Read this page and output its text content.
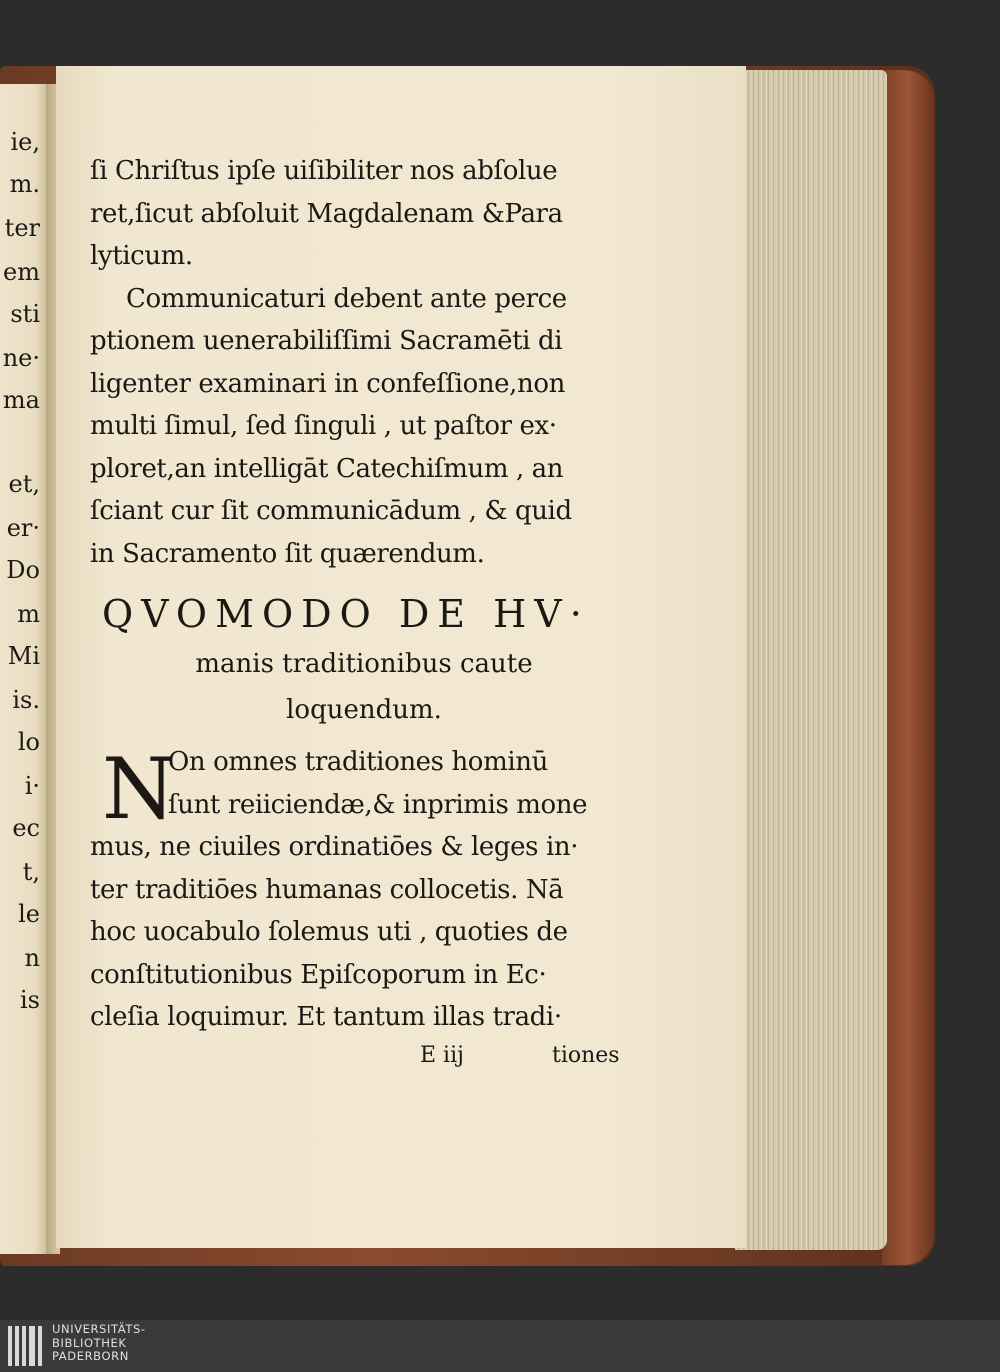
ie,
m.
ter
em
sti
ne·
ma
et,
er·
Do
m
Mi
is.
lo
i·
ec
t,
le
n
is
ſi Chriſtus ipſe uiſibiliter nos abſolue
ret,ſicut abſoluit Magdalenam &Para
lyticum.
Communicaturi debent ante perce
ptionem uenerabiliſſimi Sacramēti di
ligenter examinari in confeſſione,non
multi ſimul, ſed ſinguli , ut paſtor ex·
ploret,an intelligāt Catechiſmum , an
ſciant cur ſit communicādum , & quid
in Sacramento ſit quærendum.
QVOMODO DE HV·
manis traditionibus caute
loquendum.
N
On omnes traditiones hominū
ſunt reiiciendæ,& inprimis mone
mus, ne ciuiles ordinatiōes & leges in·
ter traditiōes humanas collocetis. Nā
hoc uocabulo ſolemus uti , quoties de
conſtitutionibus Epiſcoporum in Ec·
cleſia loquimur. Et tantum illas tradi·
E iij	tiones
UNIVERSITÄTS-
BIBLIOTHEK
PADERBORN
